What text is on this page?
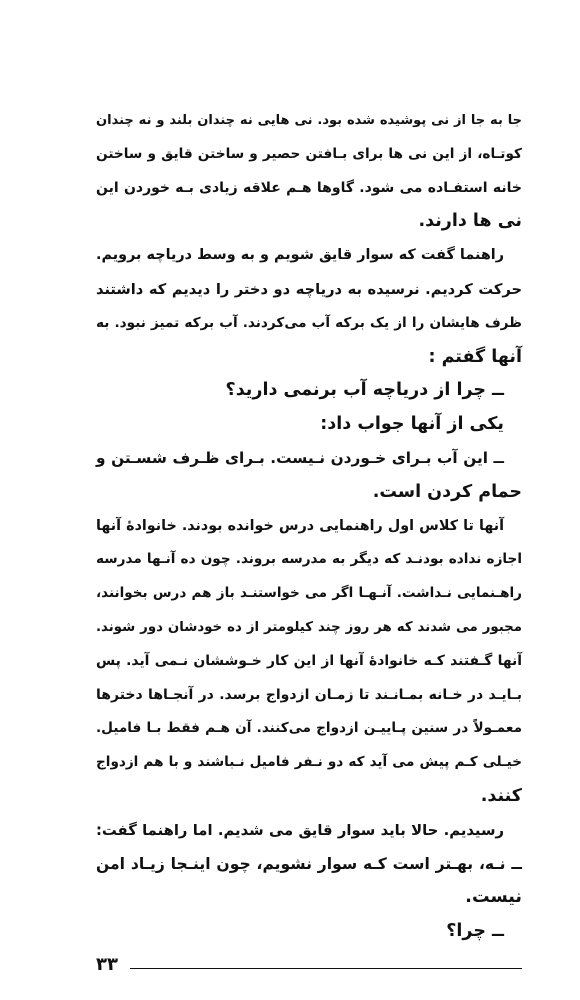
جا به جا از نی پوشیده شده بود. نی هایی نه چندان بلند و نه چندان
کوتـاه، از این نی ها برای بـافتن حصیر و ساختن قایق و ساختن
خانه استفـاده می شود. گاوها هـم علاقه زیادی بـه خوردن این
نی ها دارند.

راهنما گفت که سوار قایق شویم و به وسط دریاچه برویم.
حرکت کردیم. نرسیده به دریاچه دو دختر را دیدیم که داشتند
ظرف هایشان را از یک برکه آب می‌کردند. آب برکه تمیز نبود. به
آنها گفتم :

ــ چرا از دریاچه آب برنمی دارید؟

یکی از آنها جواب داد:

ــ این آب بـرای خـوردن نـیست. بـرای ظـرف شسـتن و
حمام کردن است.

آنها تا کلاس اول راهنمایی درس خوانده بودند. خانوادهٔ آنها
اجازه نداده بودنـد که دیگر به مدرسه بروند. چون ده آنـها مدرسه
راهـنمایی نـداشت. آنـهـا اگر می خواستنـد باز هم درس بخوانند،
مجبور می شدند که هر روز چند کیلومتر از ده خودشان دور شوند.
آنها گـفتند کـه خانوادهٔ آنها از این کار خـوششان نـمی آید. پس
بـایـد در خـانه بمـانـند تا زمـان ازدواج برسد. در آنجـاها دخترها
معمـولاً در سنین پـاییـن ازدواج می‌کنند. آن هـم فقط بـا فامیل.
خیـلی کـم پیش می آید که دو نـفر فامیل نـباشند و با هم ازدواج
کنند.

رسیدیم. حالا باید سوار قایق می شدیم. اما راهنما گفت:

ــ نـه، بهـتر است کـه سوار نشویم، چون اینـجا زیـاد امن
نیست.

ــ چرا؟

۳۳
